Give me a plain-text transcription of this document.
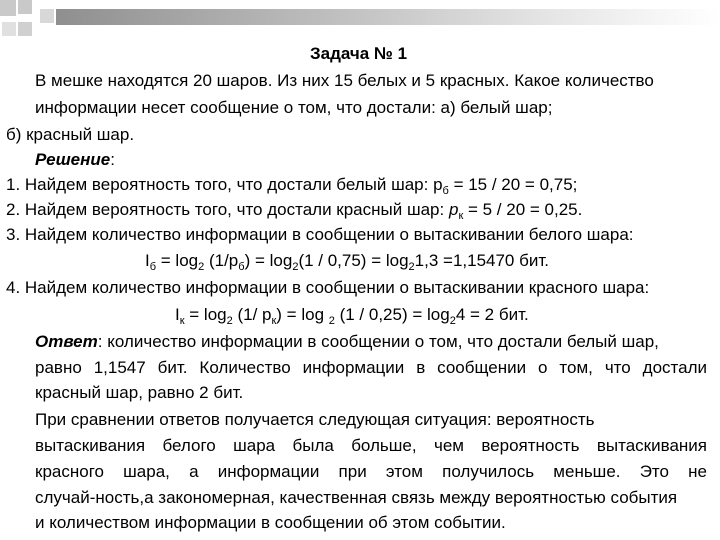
Задача № 1
В мешке находятся 20 шаров. Из них 15 белых и 5 красных. Какое количество
информации несет сообщение о том, что достали: а) белый шар;
б) красный шар.
Решение:
1. Найдем вероятность того, что достали белый шар: $p_б = 15 / 20 = 0,75$;
2. Найдем вероятность того, что достали красный шар: $p_к = 5 / 20 = 0,25$.
3. Найдем количество информации в сообщении о вытаскивании белого шара:
$I_б = \log_2 (1/p_б) = \log_2(1 / 0,75) = \log_21,3 =1,15470$ бит.
4. Найдем количество информации в сообщении о вытаскивании красного шара:
$I_к = \log_2 (1/$ $p_к) = \log _2$ $(1 / 0,25) = \log_24 = 2$ бит.
Ответ: количество информации в сообщении о том, что достали белый шар,
равно 1,1547 бит. Количество информации в сообщении о том, что достали
красный шар, равно 2 бит.
При сравнении ответов получается следующая ситуация: вероятность
вытаскивания белого шара была больше, чем вероятность вытаскивания
красного шара, а информации при этом получилось меньше. Это не
случай-ность,а закономерная, качественная связь между вероятностью события
и количеством информации в сообщении об этом событии.
